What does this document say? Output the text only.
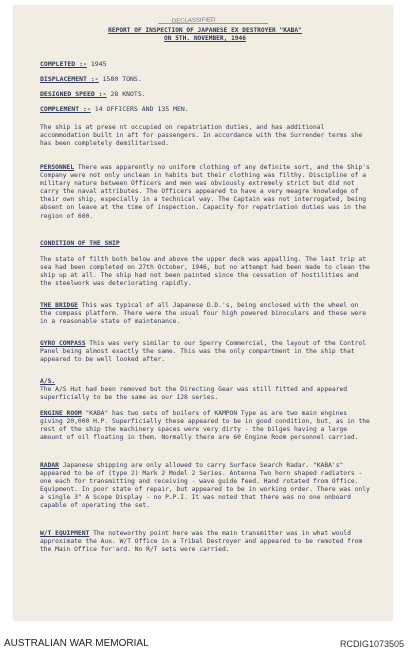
DECLASSIFIED
REPORT OF INSPECTION OF JAPANESE EX DESTROYER "KABA"
ON 5TH. NOVEMBER, 1946
COMPLETED :- 1945
DISPLACEMENT :- 1580 TONS.
DESIGNED SPEED :- 28 KNOTS.
COMPLEMENT :- 14 OFFICERS AND 135 MEN.
The ship is at prese nt occupied on repatriation duties, and has additional accommodation built in aft for passengers. In accordance with the Surrender terms she has been completely demilitarised.
PERSONNEL There was apparently no uniform clothing of any definite sort, and the Ship's Company were not only unclean in habits but their clothing was filthy. Discipline of a military nature between Officers and men was obviously extremely strict but did not carry the naval attributes. The Officers appeared to have a very meagre knowledge of their own ship, especially in a technical way. The Captain was not interrogated, being absent on leave at the time of inspection. Capacity for repatriation duties was in the region of 600.
CONDITION OF THE SHIP
The state of filth both below and above the upper deck was appalling. The last trip at sea had been completed on 27th October, 1946, but no attempt had been made to clean the ship up at all. The ship had not been painted since the cessation of hostilities and the steelwork was deteriorating rapidly.
THE BRIDGE This was typical of all Japanese D.D.'s, being enclosed with the wheel on the compass platform. There were the usual four high powered binoculars and these were in a reasonable state of maintenance.
GYRO COMPASS This was very similar to our Sperry Commercial, the layout of the Control Panel being almost exactly the same. This was the only compartment in the ship that appeared to be well looked after.
A/S.
The A/S Hut had been removed but the Directing Gear was still fitted and appeared superficially to be the same as our 128 series.
ENGINE ROOM "KABA" has two sets of boilers of KAMPON Type as are two main engines giving 20,000 H.P. Superficially these appeared to be in good condition, but, as in the rest of the ship the machinery spaces were very dirty - the bilges having a large amount of oil floating in them. Normally there are 60 Engine Room personnel carried.
RADAR Japanese shipping are only allowed to carry Surface Search Radar. "KABA's" appeared to be of (type 2) Mark 2 Model 2 Series. Antenna Two horn shaped radiators - one each for transmitting and receiving - wave guide feed. Hand rotated from Office. Equipment. In poor state of repair, but appeared to be in working order. There was only a single 3" A Scope Display - no P.P.I. It was noted that there was no one onboard capable of operating the set.
W/T EQUIPMENT The noteworthy point here was the main transmitter was in what would approximate the Aux. W/T Office in a Tribal Destroyer and appeared to be remoted from the Main Office for'ard. No R/T sets were carried.
AUSTRALIAN WAR MEMORIAL	RCDIG1073505
